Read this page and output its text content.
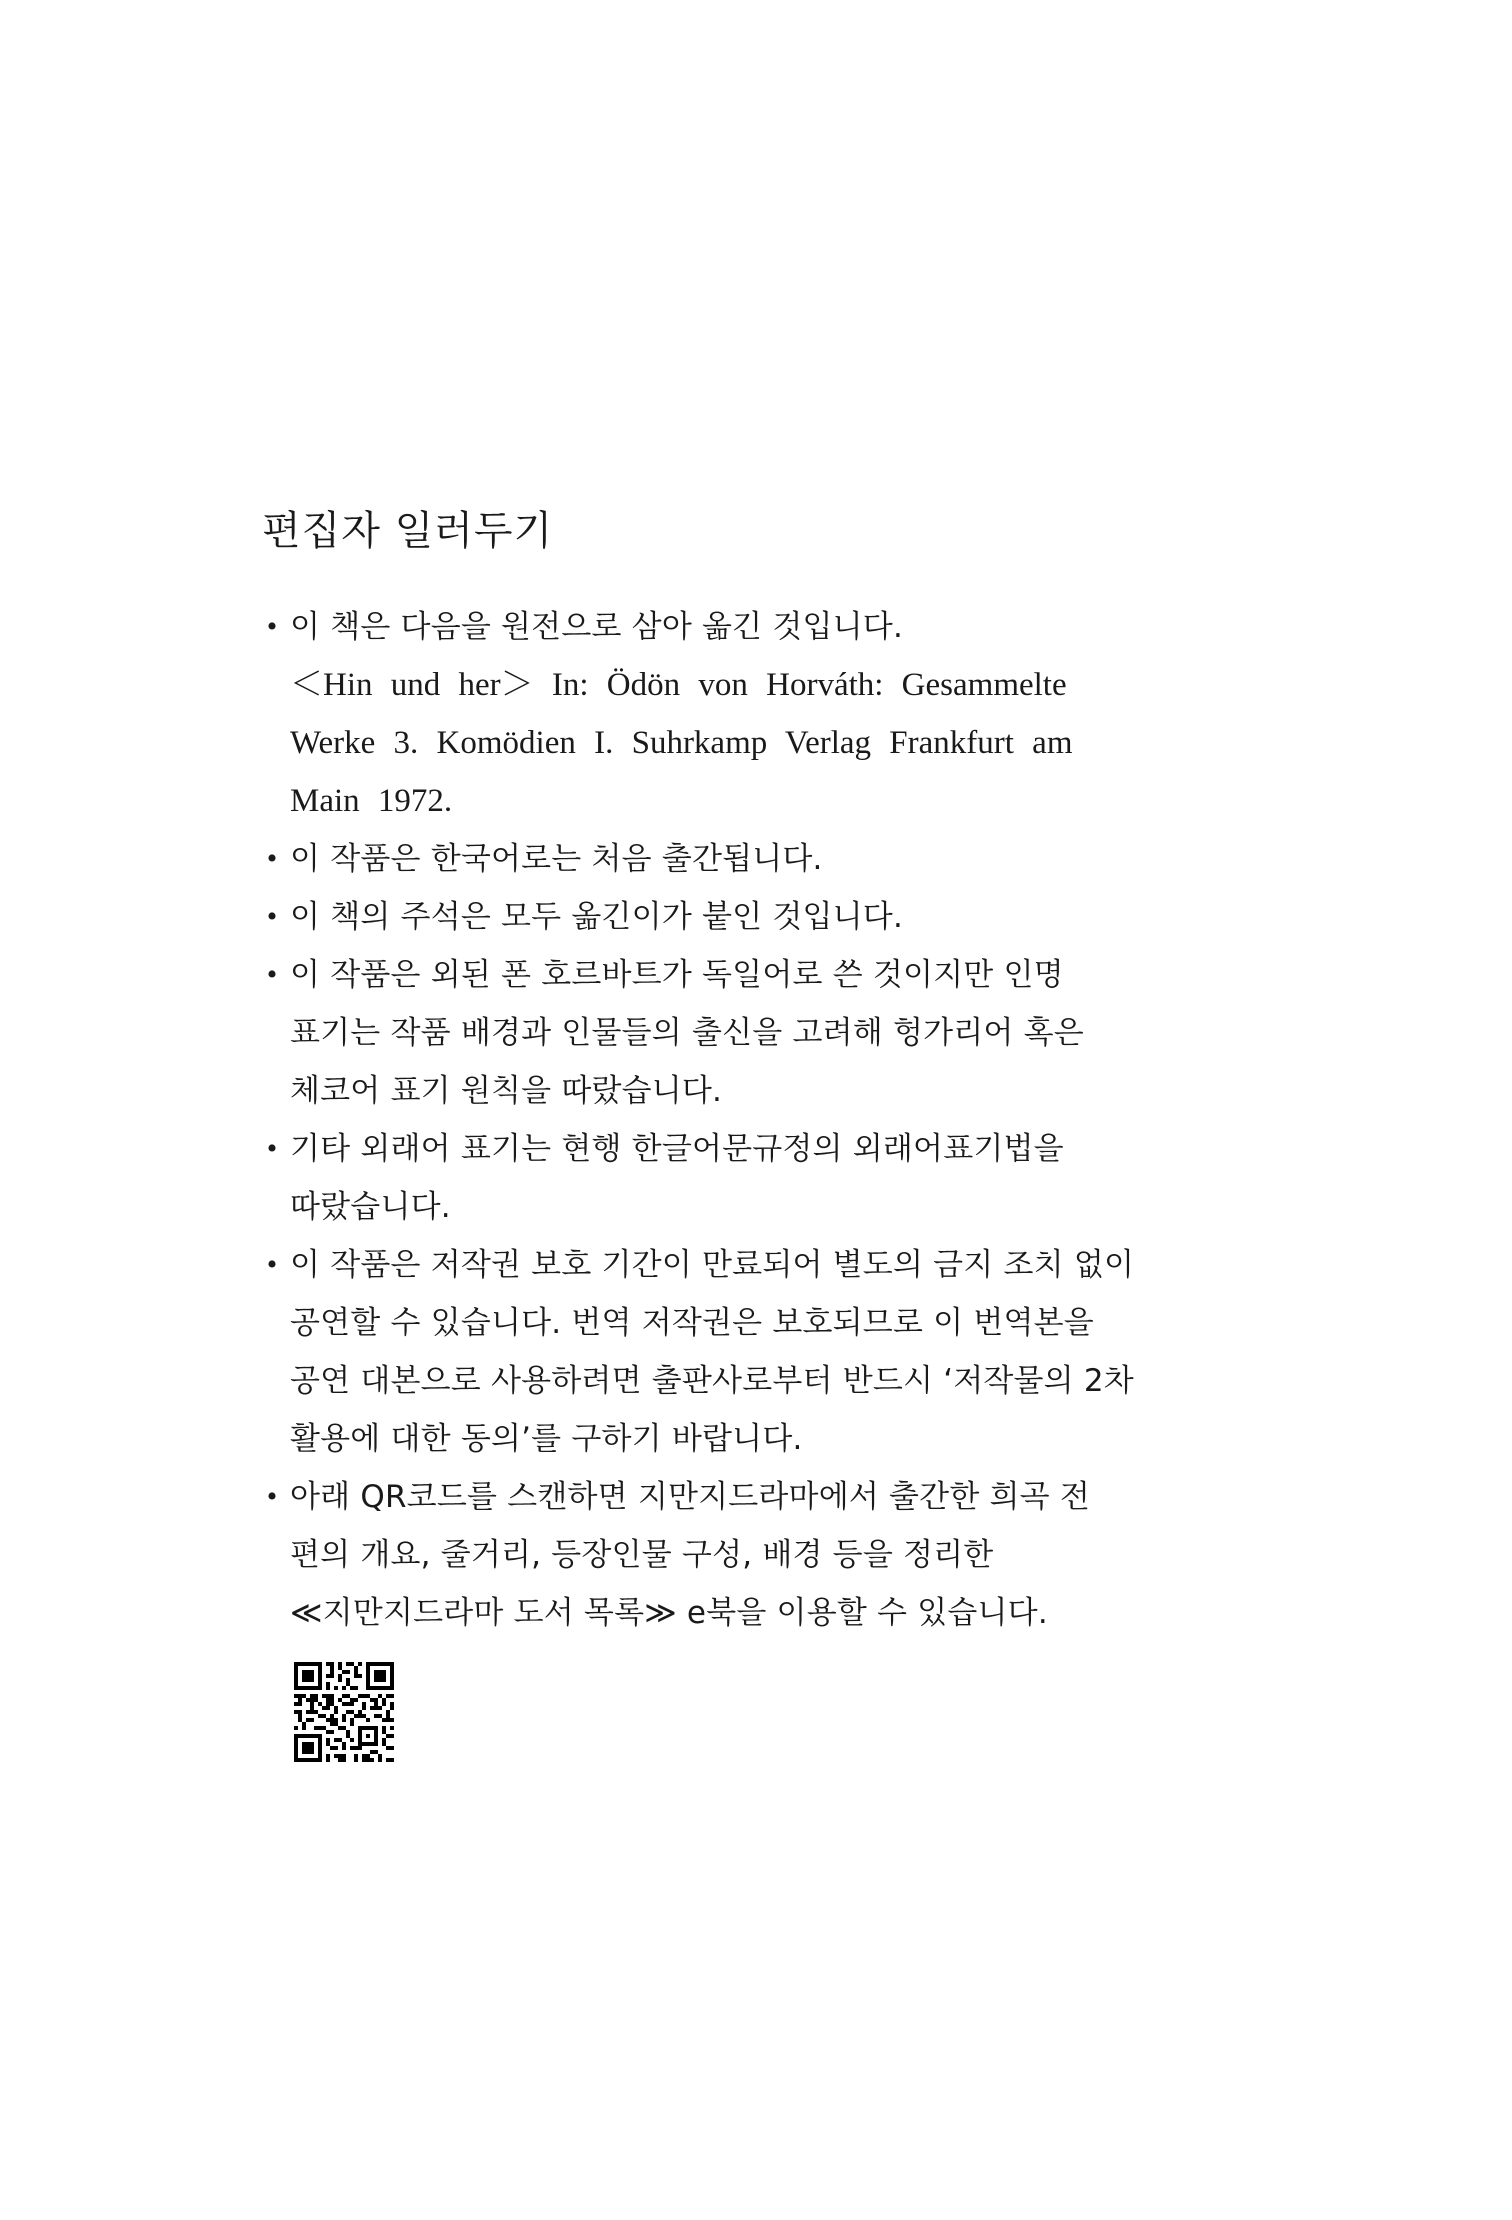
편집자 일러두기
• 이 책은 다음을 원전으로 삼아 옮긴 것입니다.
＜Hin und her＞ In: Ödön von Horváth: Gesammelte
Werke 3. Komödien I. Suhrkamp Verlag Frankfurt am
Main 1972.
• 이 작품은 한국어로는 처음 출간됩니다.
• 이 책의 주석은 모두 옮긴이가 붙인 것입니다.
• 이 작품은 외된 폰 호르바트가 독일어로 쓴 것이지만 인명
표기는 작품 배경과 인물들의 출신을 고려해 헝가리어 혹은
체코어 표기 원칙을 따랐습니다.
• 기타 외래어 표기는 현행 한글어문규정의 외래어표기법을
따랐습니다.
• 이 작품은 저작권 보호 기간이 만료되어 별도의 금지 조치 없이
공연할 수 있습니다. 번역 저작권은 보호되므로 이 번역본을
공연 대본으로 사용하려면 출판사로부터 반드시 ‘저작물의 2차
활용에 대한 동의’를 구하기 바랍니다.
• 아래 QR코드를 스캔하면 지만지드라마에서 출간한 희곡 전
편의 개요, 줄거리, 등장인물 구성, 배경 등을 정리한
≪지만지드라마 도서 목록≫ e북을 이용할 수 있습니다.
